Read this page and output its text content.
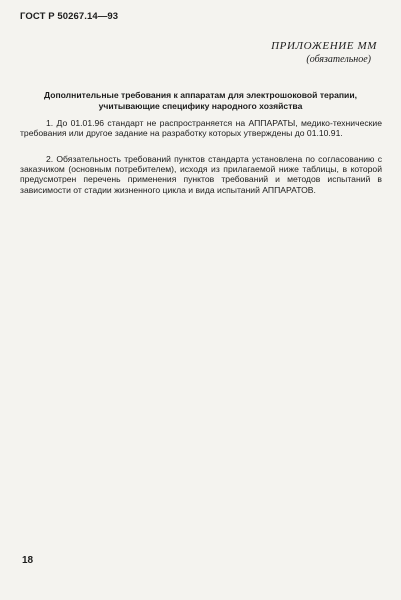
ГОСТ Р 50267.14—93
ПРИЛОЖЕНИЕ ММ
(обязательное)
Дополнительные требования к аппаратам для электрошоковой терапии,
учитывающие специфику народного хозяйства

1. До 01.01.96 стандарт не распространяется на АППАРАТЫ, медико-технические требования или другое задание на разработку которых утверждены до 01.10.91.

2. Обязательность требований пунктов стандарта установлена по согласованию с заказчиком (основным потребителем), исходя из прилагаемой ниже таблицы, в которой предусмотрен перечень применения пунктов требований и методов испытаний в зависимости от стадии жизненного цикла и вида испытаний АППАРАТОВ.

18
